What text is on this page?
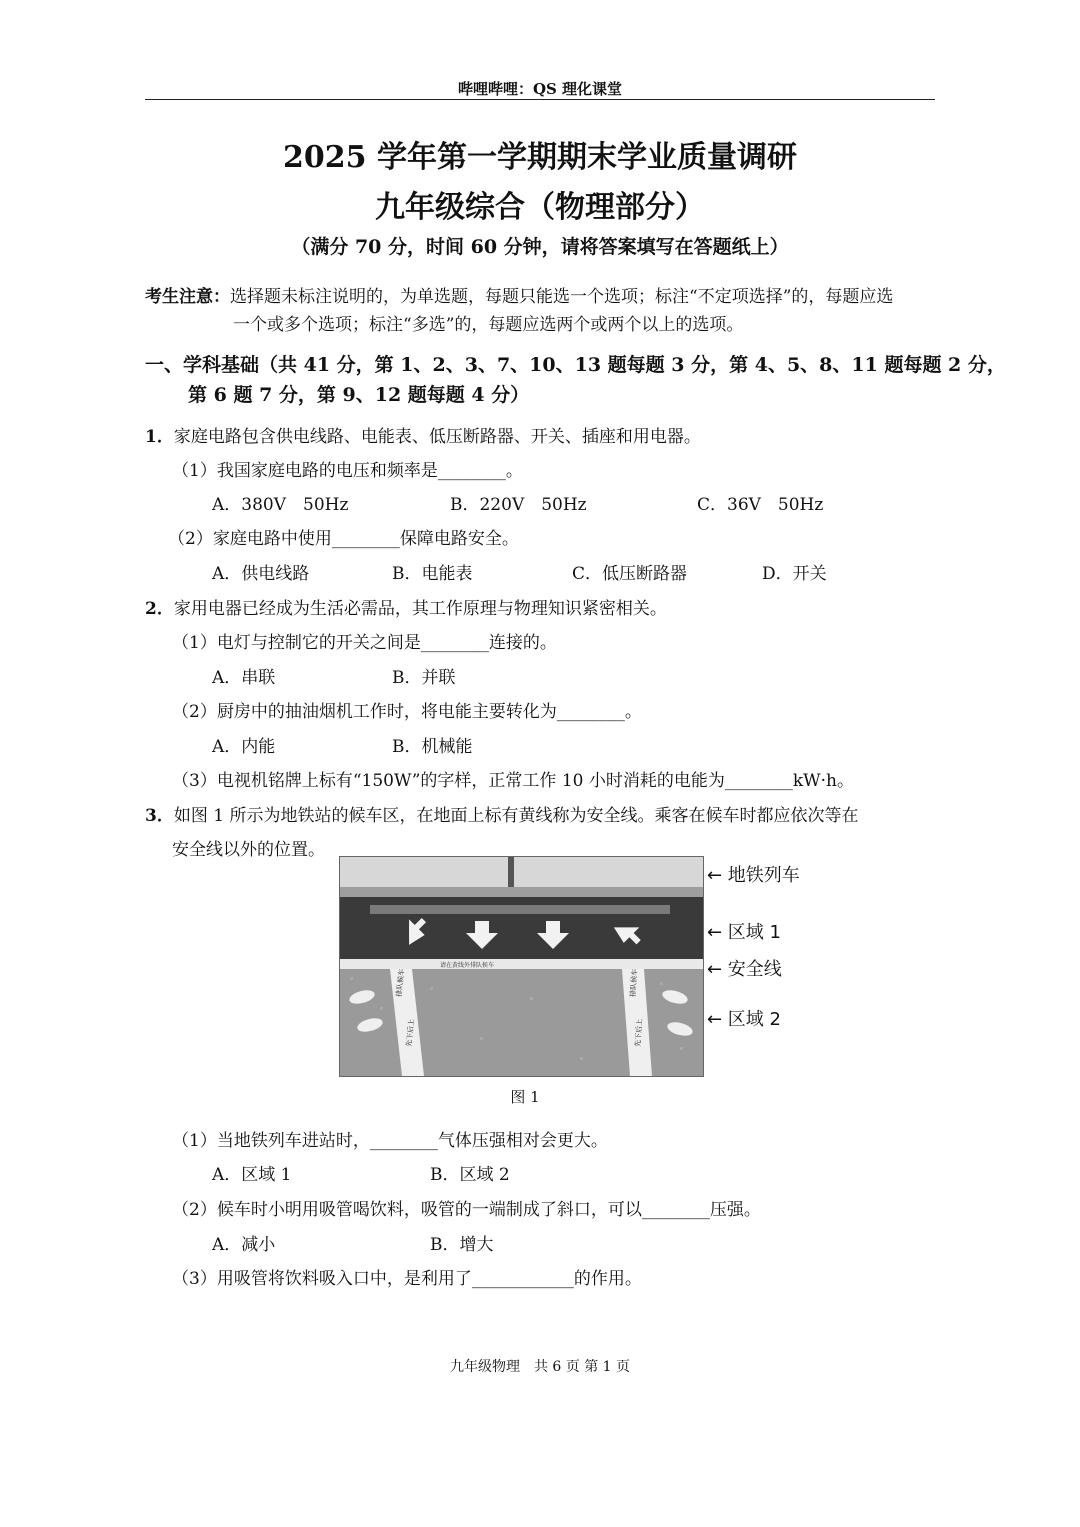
哔哩哔哩：QS 理化课堂
2025 学年第一学期期末学业质量调研
九年级综合（物理部分）
（满分 70 分，时间 60 分钟，请将答案填写在答题纸上）
考生注意：选择题未标注说明的，为单选题，每题只能选一个选项；标注“不定项选择”的，每题应选
一个或多个选项；标注“多选”的，每题应选两个或两个以上的选项。
一、学科基础（共 41 分，第 1、2、3、7、10、13 题每题 3 分，第 4、5、8、11 题每题 2 分，
第 6 题 7 分，第 9、12 题每题 4 分）
1．家庭电路包含供电线路、电能表、低压断路器、开关、插座和用电器。
（1）我国家庭电路的电压和频率是________。
A．380V　50Hz	B．220V　50Hz	C．36V　50Hz
（2）家庭电路中使用________保障电路安全。
A．供电线路	B．电能表	C．低压断路器	D．开关
2．家用电器已经成为生活必需品，其工作原理与物理知识紧密相关。
（1）电灯与控制它的开关之间是________连接的。
A．串联	B．并联
（2）厨房中的抽油烟机工作时，将电能主要转化为________。
A．内能	B．机械能
（3）电视机铭牌上标有“150W”的字样，正常工作 10 小时消耗的电能为________kW·h。
3．如图 1 所示为地铁站的候车区，在地面上标有黄线称为安全线。乘客在候车时都应依次等在
安全线以外的位置。
排队候车
先下后上
排队候车
先下后上
请在黄线外排队候车
← 地铁列车
← 区域 1
← 安全线
← 区域 2
图 1
（1）当地铁列车进站时，________气体压强相对会更大。
A．区域 1	B．区域 2
（2）候车时小明用吸管喝饮料，吸管的一端制成了斜口，可以________压强。
A．减小	B．增大
（3）用吸管将饮料吸入口中，是利用了____________的作用。
九年级物理　共 6 页 第 1 页
